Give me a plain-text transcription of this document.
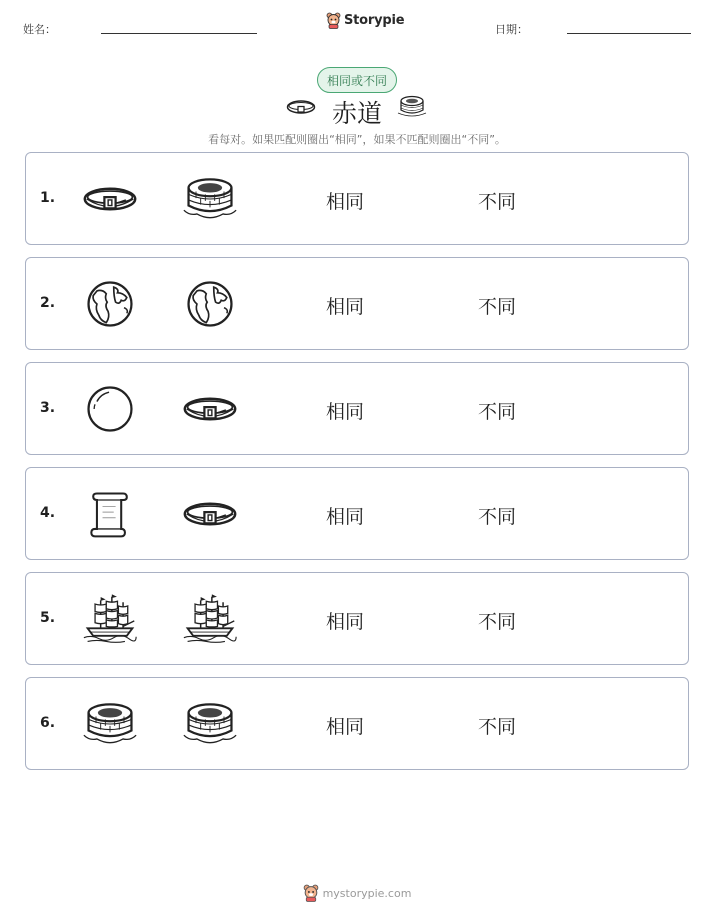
姓名：
Storypie
日期：
相同或不同
赤道
看每对。如果匹配则圈出“相同”，如果不匹配则圈出“不同”。
1.	相同	不同
2.	相同	不同
3.	相同	不同
4.	相同	不同
5.	相同	不同
6.	相同	不同
mystorypie.com
